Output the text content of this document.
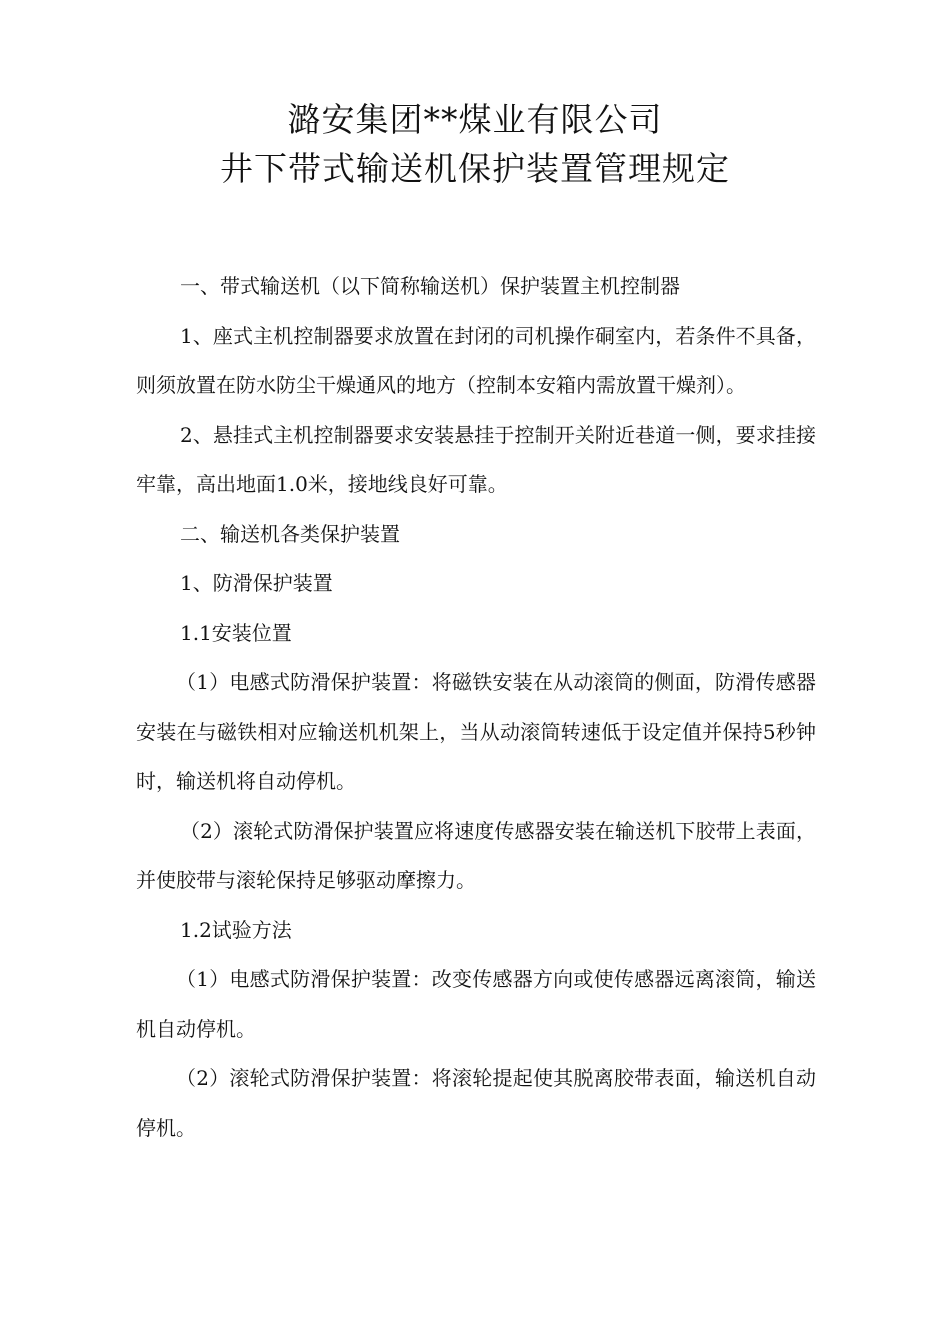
潞安集团**煤业有限公司
井下带式输送机保护装置管理规定

一、带式输送机（以下简称输送机）保护装置主机控制器

1、座式主机控制器要求放置在封闭的司机操作硐室内，若条件不具备，则须放置在防水防尘干燥通风的地方（控制本安箱内需放置干燥剂）。

2、悬挂式主机控制器要求安装悬挂于控制开关附近巷道一侧，要求挂接牢靠，高出地面1.0米，接地线良好可靠。

二、输送机各类保护装置

1、防滑保护装置

1.1安装位置

（1）电感式防滑保护装置：将磁铁安装在从动滚筒的侧面，防滑传感器安装在与磁铁相对应输送机机架上，当从动滚筒转速低于设定值并保持5秒钟时，输送机将自动停机。

（2）滚轮式防滑保护装置应将速度传感器安装在输送机下胶带上表面，并使胶带与滚轮保持足够驱动摩擦力。

1.2试验方法

（1）电感式防滑保护装置：改变传感器方向或使传感器远离滚筒，输送机自动停机。

（2）滚轮式防滑保护装置：将滚轮提起使其脱离胶带表面，输送机自动停机。
